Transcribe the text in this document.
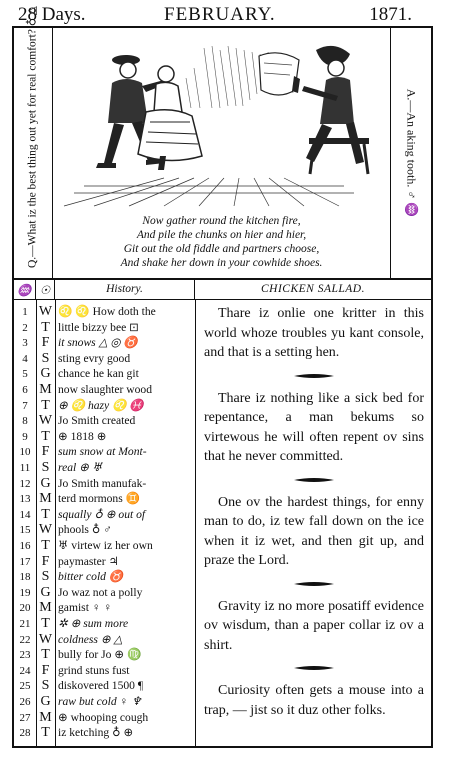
28 Days.	FEBRUARY.	1871.
Q.—What iz the best thing out yet for real comfort? ♁ △	Now gather round the kitchen fire,
And pile the chunks on hier and hier,
Git out the old fiddle and partners choose,
And shake her down in your cowhide shoes.
A.—An aking tooth. ♂ ♒
♒ ☉	History.	CHICKEN SALLAD.
1 W ♌ ♌ How doth the
2 T little bizzy bee ⊡
3 F it snows △ ◎ ♉
4 S sting evry good
5 G chance he kan git
6 M now slaughter wood
7 T ⊕ ♌ hazy ♌ ♓
8 W Jo Smith created
9 T ⊕ 1818 ⊕
10 F sum snow at Mont-
11 S real ⊕ ♅
12 G Jo Smith manufak-
13 M terd mormons ♊
14 T squally ♁ ⊕ out of
15 W phools ♁ ♂
16 T ♅ virtew iz her own
17 F paymaster ♃
18 S bitter cold ♉
19 G Jo waz not a polly
20 M gamist ♀ ♀
21 T ✲ ⊕ sum more
22 W coldness ⊕ △
23 T bully for Jo ⊕ ♍
24 F grind stuns fust
25 S diskovered 1500 ¶
26 G raw but cold ♀ ♆
27 M ⊕ whooping cough
28 T iz ketching ♁ ⊕

Thare iz onlie one kritter in this world whoze troubles yu kant console, and that is a setting hen.

Thare iz nothing like a sick bed for repentance, a man bekums so virtewous he will often repent ov sins that he never committed.

One ov the hardest things, for enny man to do, iz tew fall down on the ice when it iz wet, and then git up, and praze the Lord.

Gravity iz no more posatiff evidence ov wisdum, than a paper collar iz ov a shirt.

Curiosity often gets a mouse into a trap, — jist so it duz other folks.
